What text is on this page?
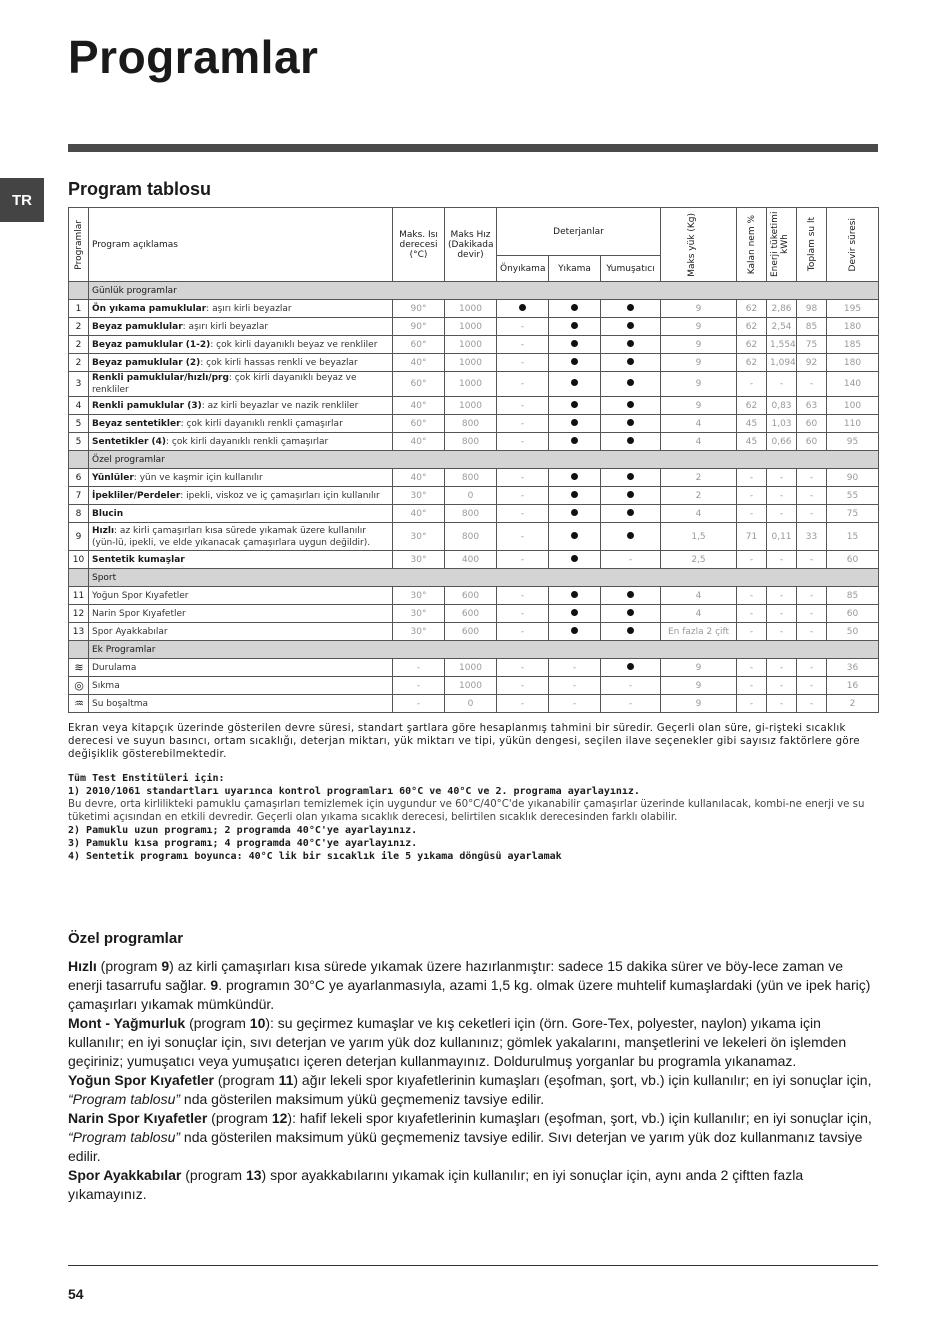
Programlar
TR
Program tablosu
Programlar	Program açıklamas	Maks. Isı derecesi (°C)	Maks Hız (Dakikada devir)	Deterjanlar			Maks yük (Kg)	Kalan nem %	Enerji tüketimi kWh	Toplam su lt	Devir süresi

				Önyıkama	Yıkama	Yumuşatıcı					
	Günlük programlar										
1	Ön yıkama pamuklular: aşırı kirli beyazlar	90°	1000				9	62	2,86	98	195
2	Beyaz pamuklular: aşırı kirli beyazlar	90°	1000	-			9	62	2,54	85	180
2	Beyaz pamuklular (1-2): çok kirli dayanıklı beyaz ve renkliler	60°	1000	-			9	62	1,554	75	185
2	Beyaz pamuklular (2): çok kirli hassas renkli ve beyazlar	40°	1000	-			9	62	1,094	92	180
3	Renkli pamuklular/hızlı/prg: çok kirli dayanıklı beyaz ve renkliler	60°	1000	-			9	-	-	-	140
4	Renkli pamuklular (3): az kirli beyazlar ve nazik renkliler	40°	1000	-			9	62	0,83	63	100
5	Beyaz sentetikler: çok kirli dayanıklı renkli çamaşırlar	60°	800	-			4	45	1,03	60	110
5	Sentetikler (4): çok kirli dayanıklı renkli çamaşırlar	40°	800	-			4	45	0,66	60	95
	Özel programlar										
6	Yünlüler: yün ve kaşmir için kullanılır	40°	800	-			2	-	-	-	90
7	İpekliler/Perdeler: ipekli, viskoz ve iç çamaşırları için kullanılır	30°	0	-			2	-	-	-	55
8	Blucin	40°	800	-			4	-	-	-	75
9	Hızlı: az kirli çamaşırları kısa sürede yıkamak üzere kullanılır (yün-lü, ipekli, ve elde yıkanacak çamaşırlara uygun değildir).	30°	800	-			1,5	71	0,11	33	15
10	Sentetik kumaşlar	30°	400	-		-	2,5	-	-	-	60
	Sport										
11	Yoğun Spor Kıyafetler	30°	600	-			4	-	-	-	85
12	Narin Spor Kıyafetler	30°	600	-			4	-	-	-	60
13	Spor Ayakkabılar	30°	600	-			En fazla 2 çift	-	-	-	50
	Ek Programlar										
≋	Durulama	-	1000	-	-		9	-	-	-	36
◎	Sıkma	-	1000	-	-	-	9	-	-	-	16
♒	Su boşaltma	-	0	-	-	-	9	-	-	-	2
Ekran veya kitapçık üzerinde gösterilen devre süresi, standart şartlara göre hesaplanmış tahmini bir süredir. Geçerli olan süre, gi-rişteki sıcaklık derecesi ve suyun basıncı, ortam sıcaklığı, deterjan miktarı, yük miktarı ve tipi, yükün dengesi, seçilen ilave seçenekler gibi sayısız faktörlere göre değişiklik gösterebilmektedir.
Tüm Test Enstitüleri için:
1) 2010/1061 standartları uyarınca kontrol programları 60°C ve 40°C ve 2. programa ayarlayınız.
Bu devre, orta kirlilikteki pamuklu çamaşırları temizlemek için uygundur ve 60°C/40°C'de yıkanabilir çamaşırlar üzerinde kullanılacak, kombi-ne enerji ve su tüketimi açısından en etkili devredir. Geçerli olan yıkama sıcaklık derecesi, belirtilen sıcaklık derecesinden farklı olabilir.
2) Pamuklu uzun programı; 2 programda 40°C'ye ayarlayınız.
3) Pamuklu kısa programı; 4 programda 40°C'ye ayarlayınız.
4) Sentetik programı boyunca: 40°C lik bir sıcaklık ile 5 yıkama döngüsü ayarlamak
Özel programlar

Hızlı (program 9) az kirli çamaşırları kısa sürede yıkamak üzere hazırlanmıştır: sadece 15 dakika sürer ve böy-lece zaman ve enerji tasarrufu sağlar. 9. programın 30°C ye ayarlanmasıyla, azami 1,5 kg. olmak üzere muhtelif kumaşlardaki (yün ve ipek hariç) çamaşırları yıkamak mümkündür.

Mont - Yağmurluk (program 10): su geçirmez kumaşlar ve kış ceketleri için (örn. Gore-Tex, polyester, naylon) yıkama için kullanılır; en iyi sonuçlar için, sıvı deterjan ve yarım yük doz kullanınız; gömlek yakalarını, manşetlerini ve lekeleri ön işlemden geçiriniz; yumuşatıcı veya yumuşatıcı içeren deterjan kullanmayınız. Doldurulmuş yorganlar bu programla yıkanamaz.

Yoğun Spor Kıyafetler (program 11) ağır lekeli spor kıyafetlerinin kumaşları (eşofman, şort, vb.) için kullanılır; en iyi sonuçlar için, “Program tablosu” nda gösterilen maksimum yükü geçmemeniz tavsiye edilir.

Narin Spor Kıyafetler (program 12): hafif lekeli spor kıyafetlerinin kumaşları (eşofman, şort, vb.) için kullanılır; en iyi sonuçlar için, “Program tablosu” nda gösterilen maksimum yükü geçmemeniz tavsiye edilir. Sıvı deterjan ve yarım yük doz kullanmanız tavsiye edilir.

Spor Ayakkabılar (program 13) spor ayakkabılarını yıkamak için kullanılır; en iyi sonuçlar için, aynı anda 2 çiftten fazla yıkamayınız.

54
